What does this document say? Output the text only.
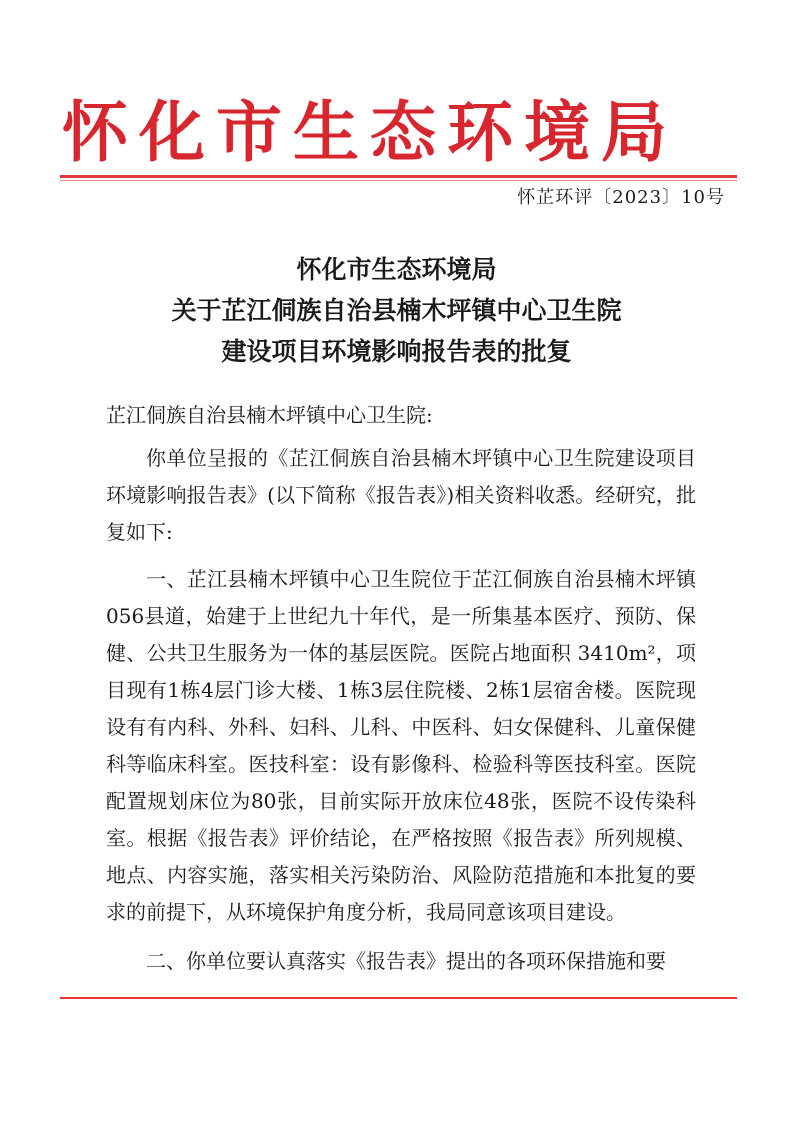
怀化市生态环境局
怀芷环评〔2023〕10号
怀化市生态环境局
关于芷江侗族自治县楠木坪镇中心卫生院
建设项目环境影响报告表的批复
芷江侗族自治县楠木坪镇中心卫生院:

你单位呈报的《芷江侗族自治县楠木坪镇中心卫生院建设项目环境影响报告表》(以下简称《报告表》)相关资料收悉。经研究，批复如下:

一、芷江县楠木坪镇中心卫生院位于芷江侗族自治县楠木坪镇056县道，始建于上世纪九十年代，是一所集基本医疗、预防、保健、公共卫生服务为一体的基层医院。医院占地面积 3410m²，项目现有1栋4层门诊大楼、1栋3层住院楼、2栋1层宿舍楼。医院现设有有内科、外科、妇科、儿科、中医科、妇女保健科、儿童保健科等临床科室。医技科室：设有影像科、检验科等医技科室。医院配置规划床位为80张，目前实际开放床位48张，医院不设传染科室。根据《报告表》评价结论，在严格按照《报告表》所列规模、地点、内容实施，落实相关污染防治、风险防范措施和本批复的要求的前提下，从环境保护角度分析，我局同意该项目建设。

二、你单位要认真落实《报告表》提出的各项环保措施和要
